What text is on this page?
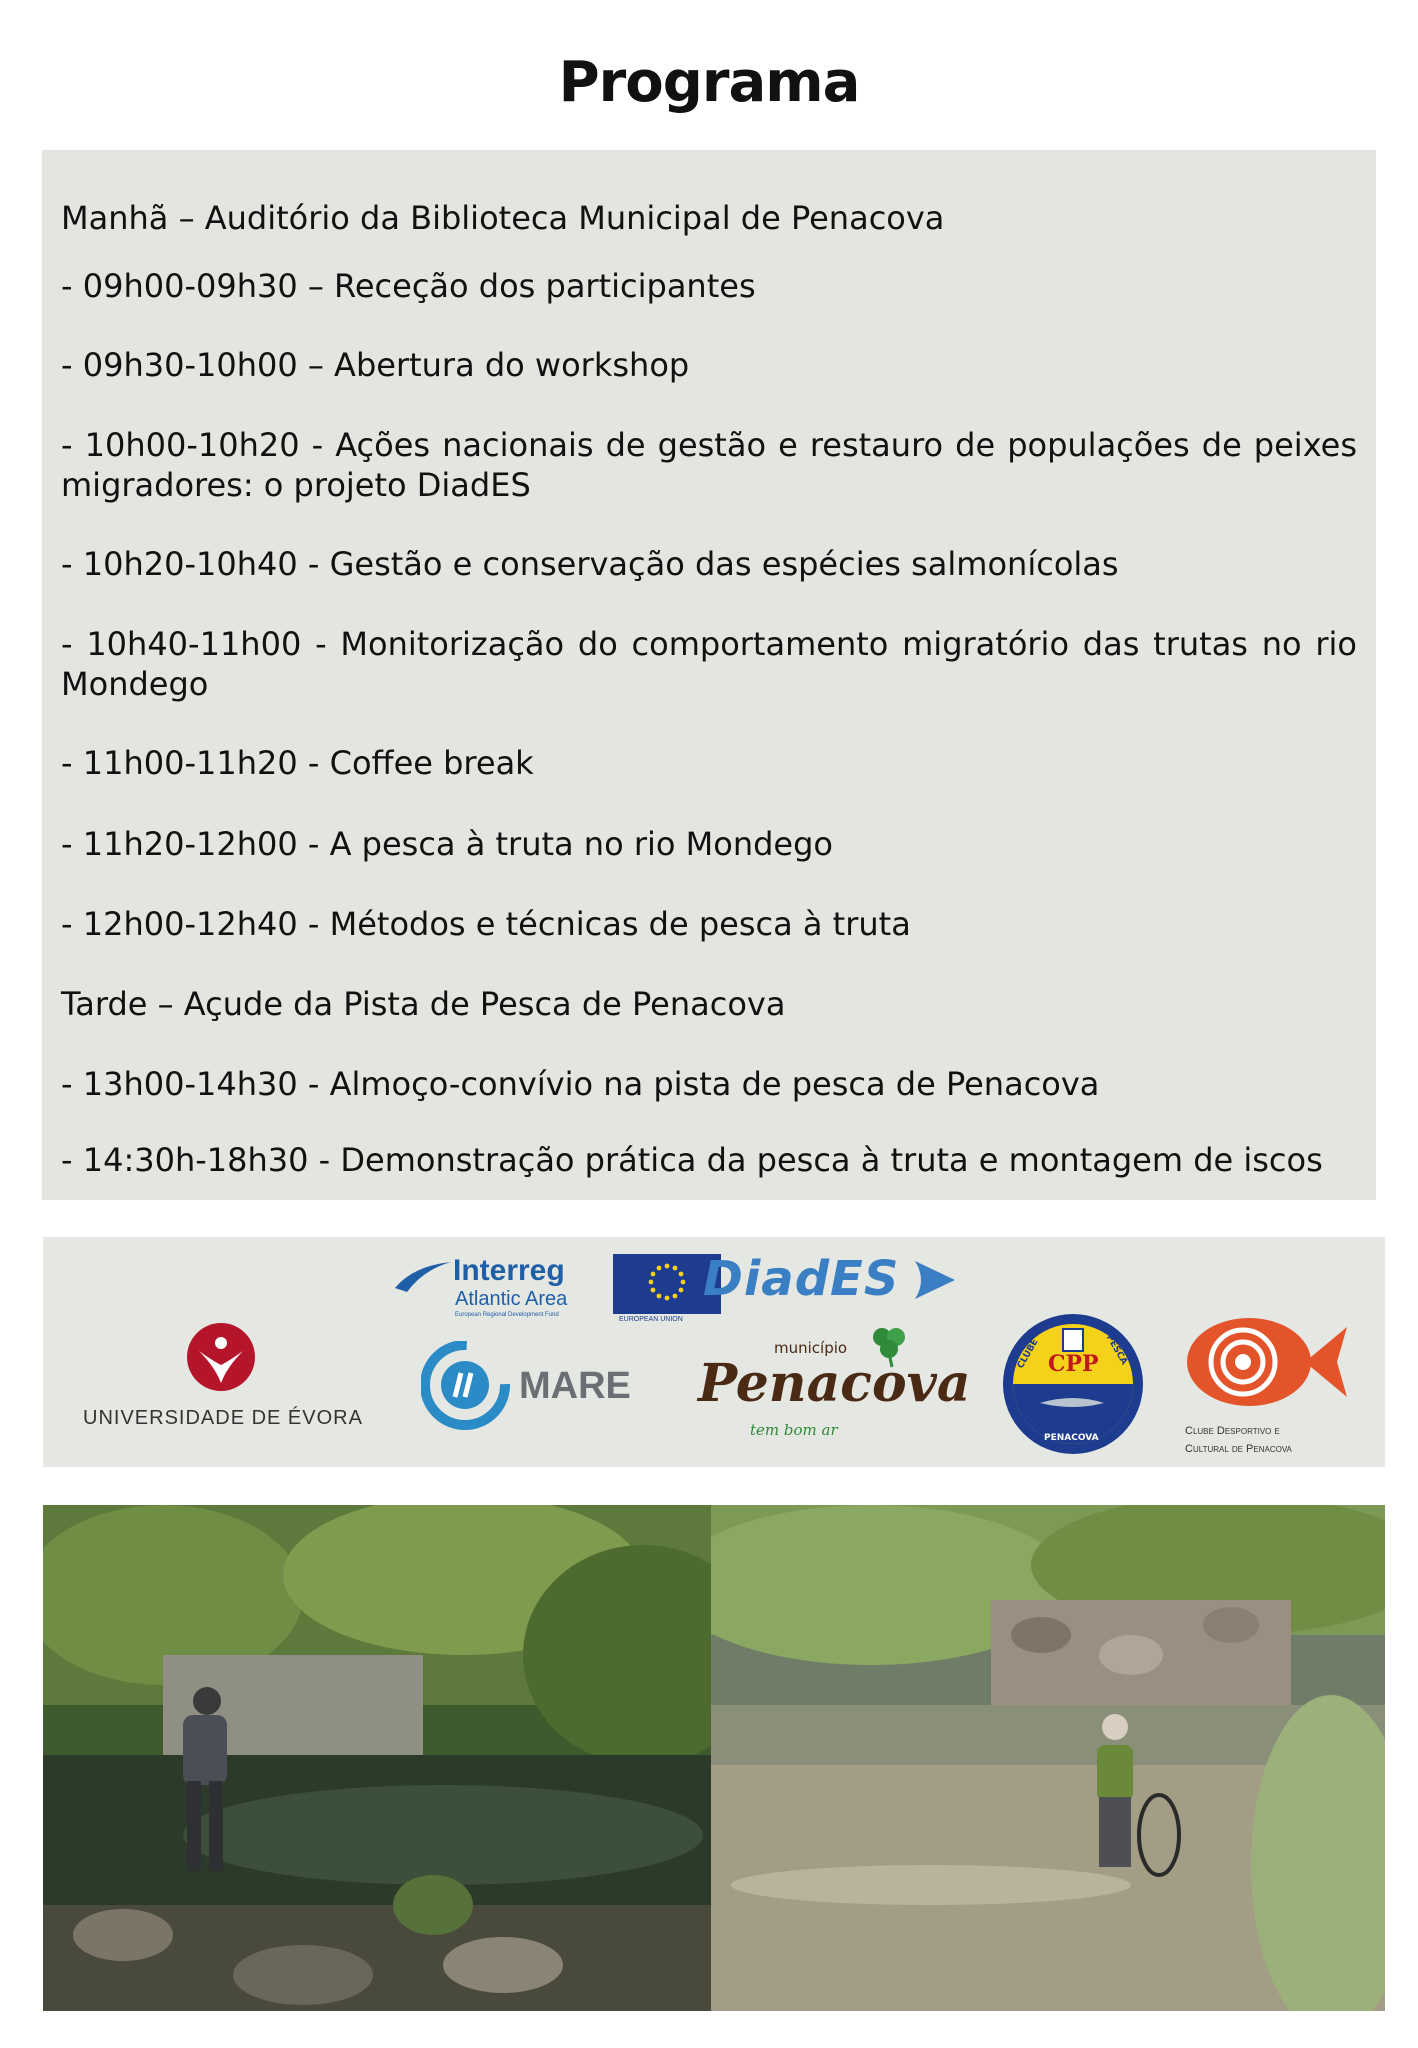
Programa
Manhã – Auditório da Biblioteca Municipal de Penacova
- 09h00-09h30 – Receção dos participantes
- 09h30-10h00 – Abertura do workshop
- 10h00-10h20 - Ações nacionais de gestão e restauro de populações de peixes migradores: o projeto DiadES
- 10h20-10h40 - Gestão e conservação das espécies salmonícolas
- 10h40-11h00 - Monitorização do comportamento migratório das trutas no rio Mondego
- 11h00-11h20 - Coffee break
- 11h20-12h00 - A pesca à truta no rio Mondego
- 12h00-12h40 - Métodos e técnicas de pesca à truta
Tarde – Açude da Pista de Pesca de Penacova
- 13h00-14h30 - Almoço-convívio na pista de pesca de Penacova
- 14:30h-18h30 - Demonstração prática da pesca à truta e montagem de iscos
Interreg
Atlantic Area
European Regional Development Fund
EUROPEAN UNION
DiadES
UNIVERSIDADE DE ÉVORA
MARE
município
Penacova
tem bom ar
CPP
CLUBE	PESCA
PENACOVA
Clube Desportivo e
Cultural de Penacova
